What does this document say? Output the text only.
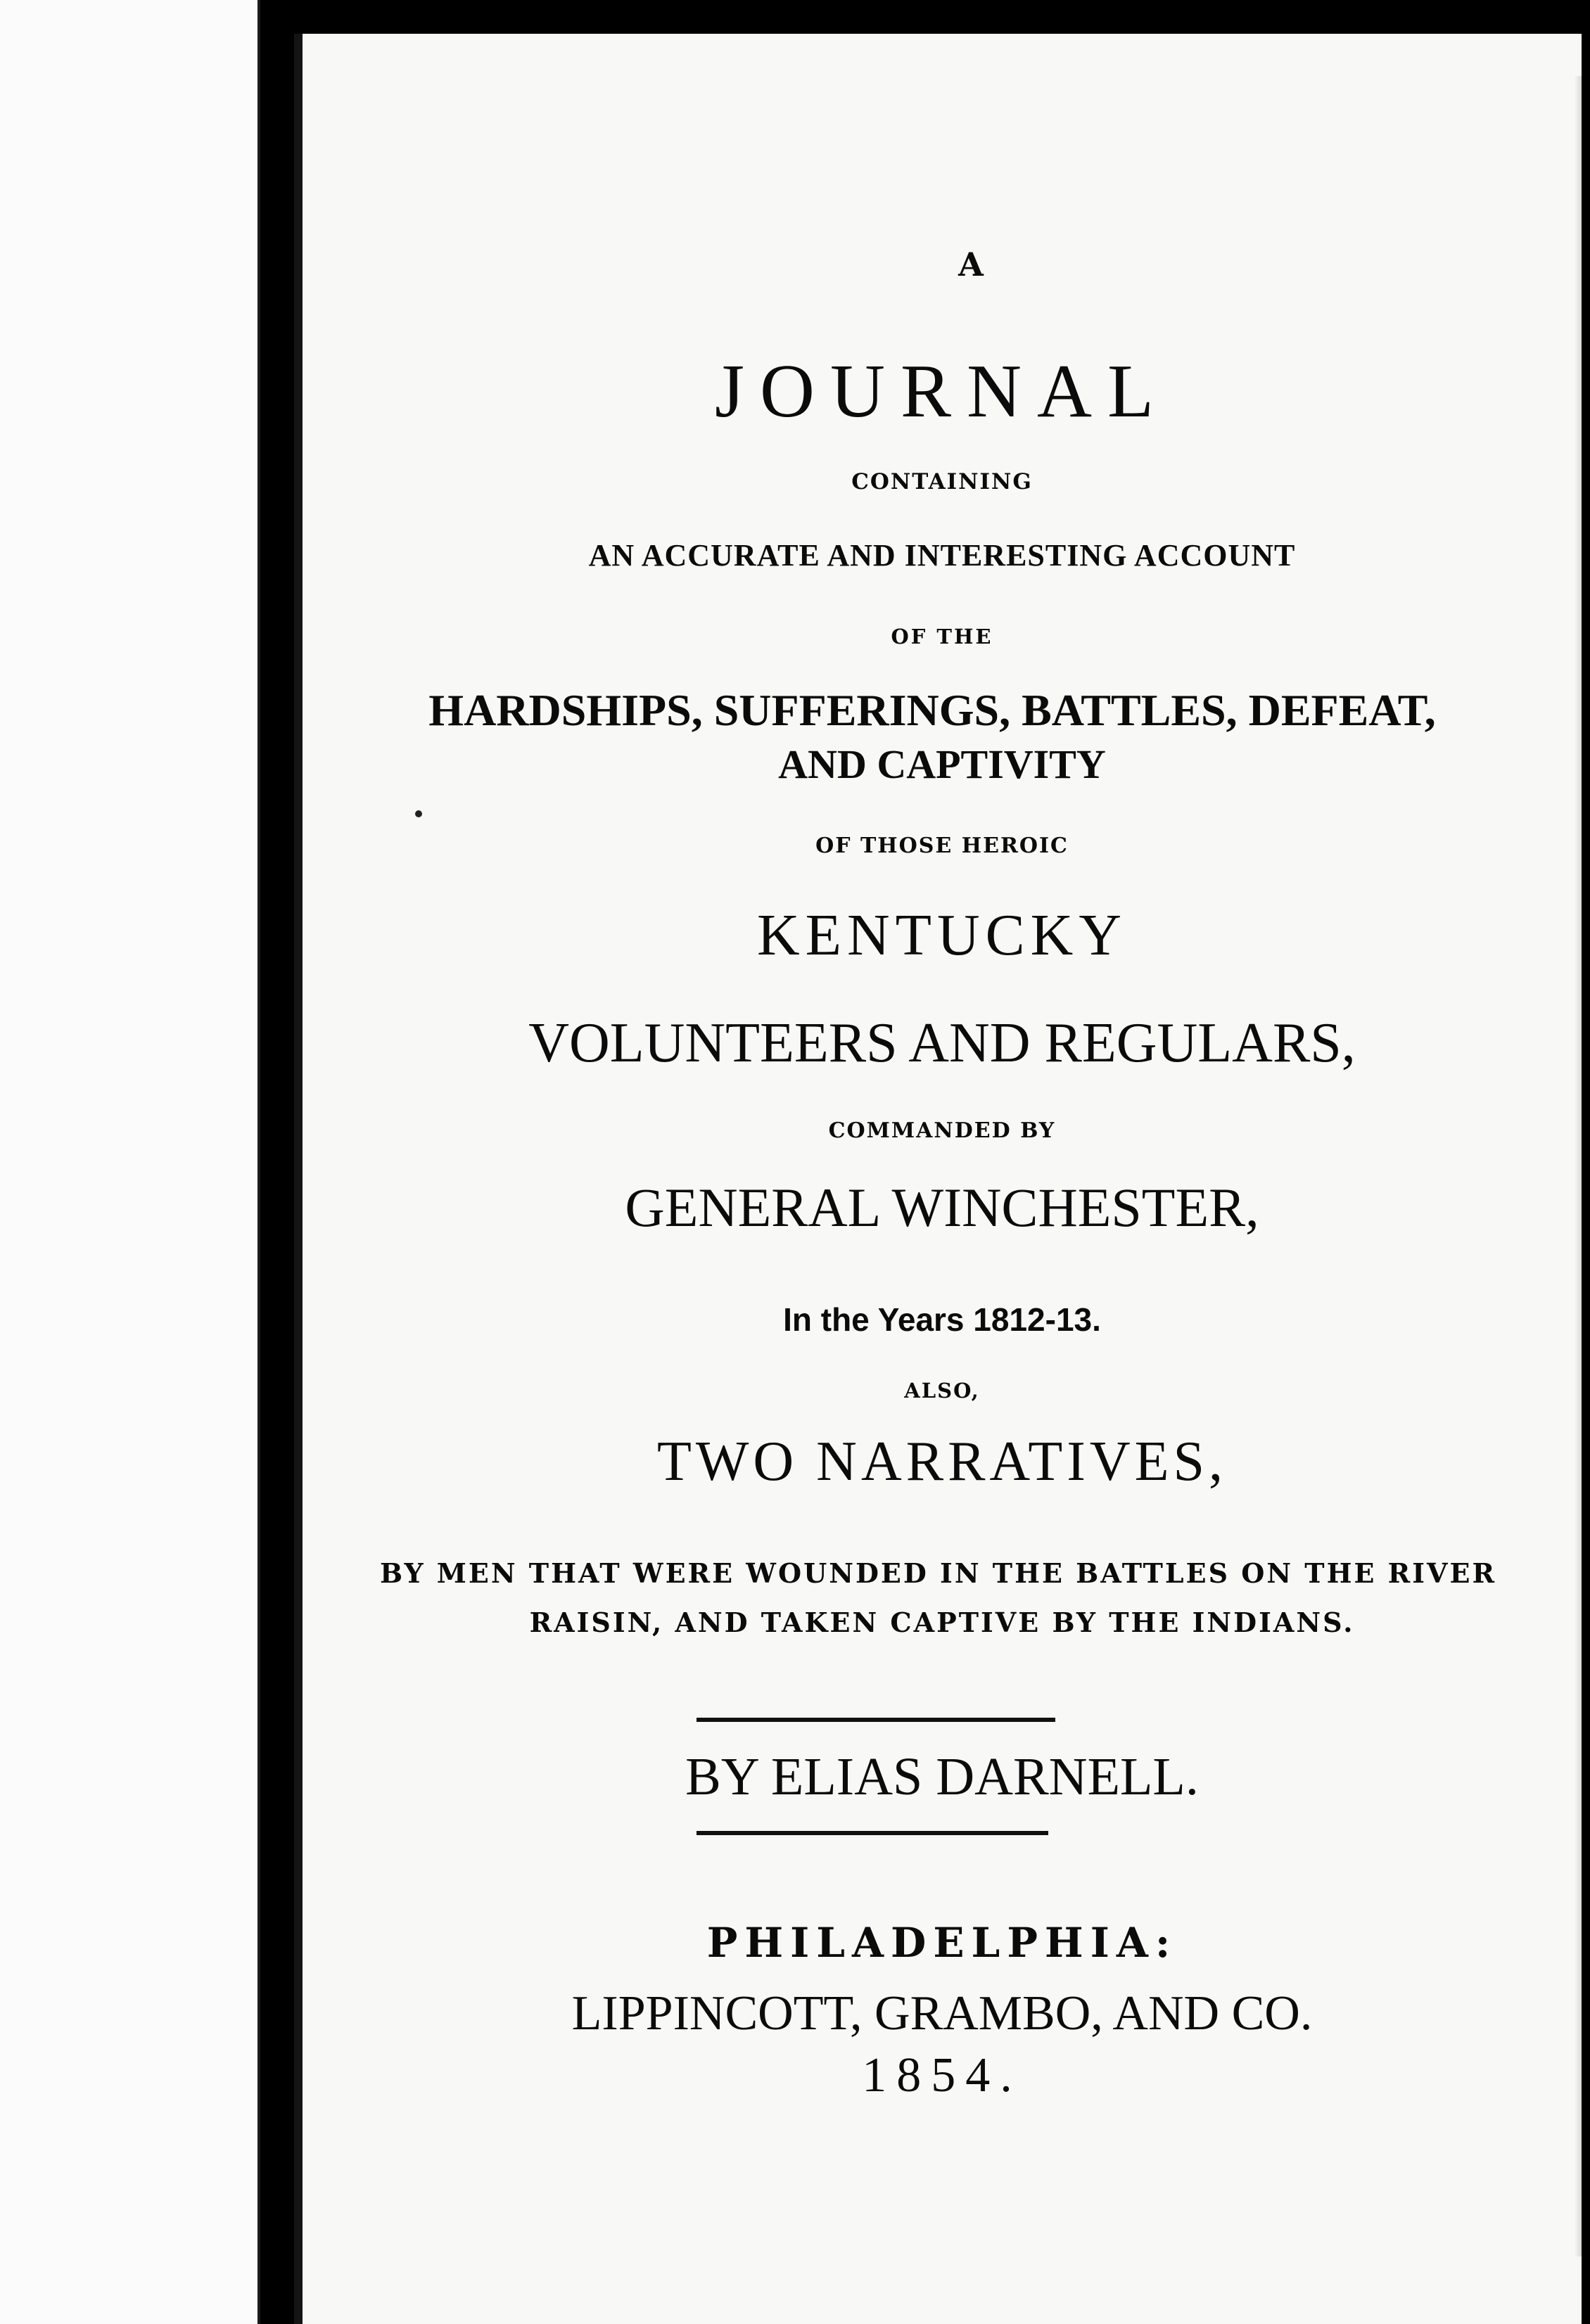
A
JOURNAL
CONTAINING
AN ACCURATE AND INTERESTING ACCOUNT
OF THE
HARDSHIPS, SUFFERINGS, BATTLES, DEFEAT,
AND CAPTIVITY
OF THOSE HEROIC
KENTUCKY
VOLUNTEERS AND REGULARS,
COMMANDED BY
GENERAL WINCHESTER,
In the Years 1812-13.
ALSO,
TWO NARRATIVES,
BY MEN THAT WERE WOUNDED IN THE BATTLES ON THE RIVER
RAISIN, AND TAKEN CAPTIVE BY THE INDIANS.
BY ELIAS DARNELL.
PHILADELPHIA:
LIPPINCOTT, GRAMBO, AND CO.
1854.
